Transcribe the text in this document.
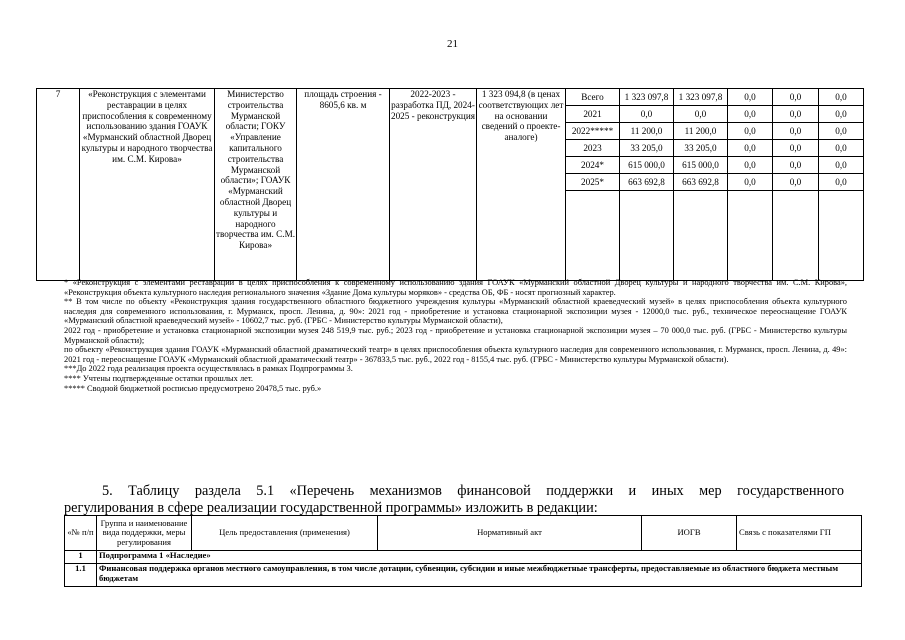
21
7	«Реконструкция с элементами реставрации в целях приспособления к современному использованию здания ГОАУК «Мурманский областной Дворец культуры и народного творчества им. С.М. Кирова»	Министерство строительства Мурманской области; ГОКУ «Управление капитального строительства Мурманской области»; ГОАУК «Мурманский областной Дворец культуры и народного творчества им. С.М. Кирова»	площадь строения - 8605,6 кв. м	2022-2023 - разработка ПД, 2024-2025 - реконструкция	1 323 094,8 (в ценах соответствующих лет на основании сведений о проекте-аналоге)	Всего	1 323 097,8	1 323 097,8	0,0	0,0	0,0
						2021	0,0	0,0	0,0	0,0	0,0
						2022*****	11 200,0	11 200,0	0,0	0,0	0,0
						2023	33 205,0	33 205,0	0,0	0,0	0,0
						2024*	615 000,0	615 000,0	0,0	0,0	0,0
						2025*	663 692,8	663 692,8	0,0	0,0	0,0

* «Реконструкция с элементами реставрации в целях приспособления к современному использованию здания ГОАУК «Мурманский областной Дворец культуры и народного творчества им. С.М. Кирова», «Реконструкция объекта культурного наследия регионального значения «Здание Дома культуры моряков» - средства ОБ, ФБ - носят прогнозный характер.

** В том числе по объекту «Реконструкция здания государственного областного бюджетного учреждения культуры «Мурманский областной краеведческий музей» в целях приспособления объекта культурного наследия для современного использования, г. Мурманск, просп. Ленина, д. 90»: 2021 год - приобретение и установка стационарной экспозиции музея - 12000,0 тыс. руб., техническое переоснащение ГОАУК «Мурманский областной краеведческий музей» - 10602,7 тыс. руб. (ГРБС - Министерство культуры Мурманской области),

2022 год - приобретение и установка стационарной экспозиции музея 248 519,9 тыс. руб.; 2023 год - приобретение и установка стационарной экспозиции музея – 70 000,0 тыс. руб. (ГРБС - Министерство культуры Мурманской области);

по объекту «Реконструкция здания ГОАУК «Мурманский областной драматический театр» в целях приспособления объекта культурного наследия для современного использования, г. Мурманск, просп. Ленина, д. 49»: 2021 год - переоснащение ГОАУК «Мурманский областной драматический театр» - 367833,5 тыс. руб., 2022 год - 8155,4 тыс. руб. (ГРБС - Министерство культуры Мурманской области).

***До 2022 года реализация проекта осуществлялась в рамках Подпрограммы 3.

**** Учтены подтвержденные остатки прошлых лет.

***** Сводной бюджетной росписью предусмотрено 20478,5 тыс. руб.»

5. Таблицу раздела 5.1 «Перечень механизмов финансовой поддержки и иных мер государственного
регулирования в сфере реализации государственной программы» изложить в редакции:
«№ п/п	Группа и наименование вида поддержки, меры регулирования	Цель предоставления (применения)	Нормативный акт	ИОГВ	Связь с показателями ГП
1	Подпрограмма 1 «Наследие»				
1.1	Финансовая поддержка органов местного самоуправления, в том числе дотации, субвенции, субсидии и иные межбюджетные трансферты, предоставляемые из областного бюджета местным бюджетам				
